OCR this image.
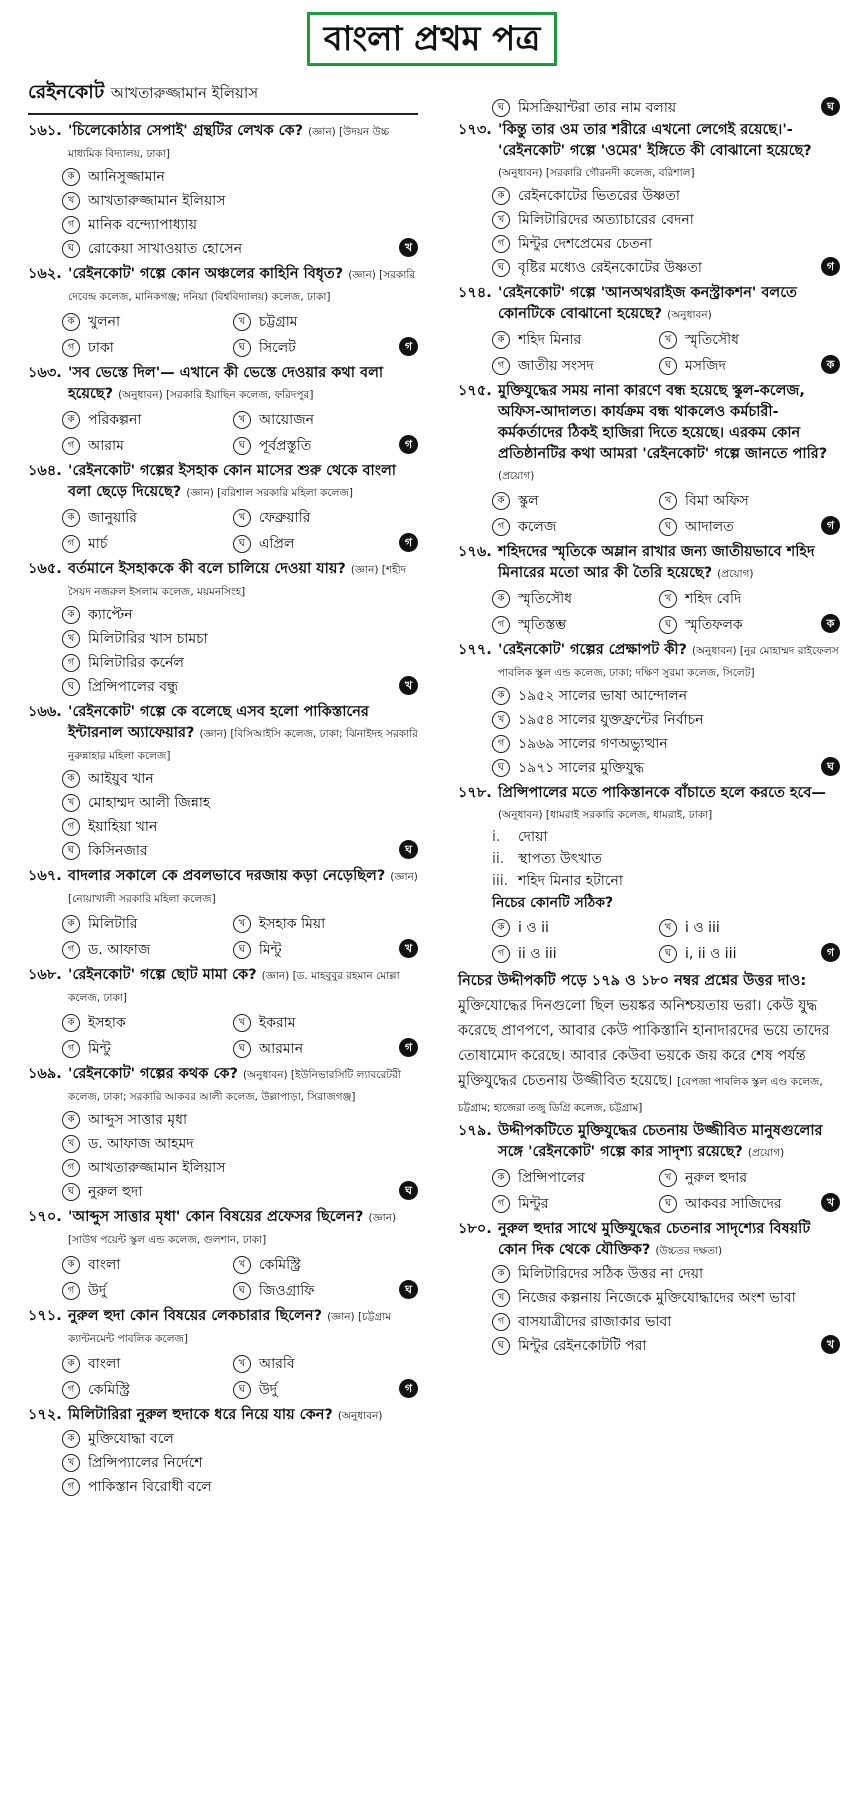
বাংলা প্রথম পত্র
রেইনকোট আখতারুজ্জামান ইলিয়াস
১৬১. 'চিলেকোঠার সেপাই' গ্রন্থটির লেখক কে? (জ্ঞান) [উদয়ন উচ্চ মাধ্যমিক বিদ্যালয়, ঢাকা]
ক আনিসুজ্জামান
খ আখতারুজ্জামান ইলিয়াস
গ মানিক বন্দ্যোপাধ্যায়
ঘ রোকেয়া সাখাওয়াত হোসেন	খ
১৬২. 'রেইনকোট' গল্পে কোন অঞ্চলের কাহিনি বিধৃত? (জ্ঞান) [সরকারি দেবেন্দ্র কলেজ, মানিকগঞ্জ; দনিয়া (বিশ্ববিদ্যালয়) কলেজ, ঢাকা]
ক খুলনা	খ চট্টগ্রাম
গ ঢাকা	ঘ সিলেট	গ
১৬৩. 'সব ভেস্তে দিল'— এখানে কী ভেস্তে দেওয়ার কথা বলা হয়েছে? (অনুধাবন) [সরকারি ইয়াছিন কলেজ, ফরিদপুর]
ক পরিকল্পনা	খ আয়োজন
গ আরাম	ঘ পূর্বপ্রস্তুতি	গ
১৬৪. 'রেইনকোট' গল্পের ইসহাক কোন মাসের শুরু থেকে বাংলা বলা ছেড়ে দিয়েছে? (জ্ঞান) [বরিশাল সরকারি মহিলা কলেজ]
ক জানুয়ারি	খ ফেব্রুয়ারি
গ মার্চ	ঘ এপ্রিল	গ
১৬৫. বর্তমানে ইসহাককে কী বলে চালিয়ে দেওয়া যায়? (জ্ঞান) [শহীদ সৈয়দ নজরুল ইসলাম কলেজ, ময়মনসিংহ]
ক ক্যাপ্টেন
খ মিলিটারির খাস চামচা
গ মিলিটারির কর্নেল
ঘ প্রিন্সিপালের বন্ধু	খ
১৬৬. 'রেইনকোট' গল্পে কে বলেছে এসব হলো পাকিস্তানের ইন্টারনাল অ্যাফেয়ার? (জ্ঞান) [বিসিআইসি কলেজ, ঢাকা; ঝিনাইদহ সরকারি নুরুন্নাহার মহিলা কলেজ]
ক আইয়ুব খান
খ মোহাম্মদ আলী জিন্নাহ
গ ইয়াহিয়া খান
ঘ কিসিনজার	ঘ
১৬৭. বাদলার সকালে কে প্রবলভাবে দরজায় কড়া নেড়েছিল? (জ্ঞান) [নোয়াখালী সরকারি মহিলা কলেজ]
ক মিলিটারি	খ ইসহাক মিয়া
গ ড. আফাজ	ঘ মিন্টু	খ
১৬৮. 'রেইনকোট' গল্পে ছোট মামা কে? (জ্ঞান) [ড. মাহবুবুর রহমান মোল্লা কলেজ, ঢাকা]
ক ইসহাক	খ ইকরাম
গ মিন্টু	ঘ আরমান	গ
১৬৯. 'রেইনকোট' গল্পের কথক কে? (অনুধাবন) [ইউনিভারসিটি ল্যাবরেটরী কলেজ, ঢাকা; সরকারি আকবর আলী কলেজ, উল্লাপাড়া, সিরাজগঞ্জ]
ক আব্দুস সাত্তার মৃধা
খ ড. আফাজ আহমদ
গ আখতারুজ্জামান ইলিয়াস
ঘ নুরুল হুদা	ঘ
১৭০. 'আব্দুস সাত্তার মৃধা' কোন বিষয়ের প্রফেসর ছিলেন? (জ্ঞান) [সাউথ পয়েন্ট স্কুল এন্ড কলেজ, গুলশান, ঢাকা]
ক বাংলা	খ কেমিস্ট্রি
গ উর্দু	ঘ জিওগ্রাফি	ঘ
১৭১. নুরুল হুদা কোন বিষয়ের লেকচারার ছিলেন? (জ্ঞান) [চট্টগ্রাম ক্যান্টনমেন্ট পাবলিক কলেজ]
ক বাংলা	খ আরবি
গ কেমিস্ট্রি	ঘ উর্দু	গ
১৭২. মিলিটারিরা নুরুল হুদাকে ধরে নিয়ে যায় কেন? (অনুধাবন)
ক মুক্তিযোদ্ধা বলে
খ প্রিন্সিপ্যালের নির্দেশে
গ পাকিস্তান বিরোধী বলে
ঘ মিসক্রিয়ান্টরা তার নাম বলায়	ঘ
১৭৩. 'কিন্তু তার ওম তার শরীরে এখনো লেগেই রয়েছে।'- 'রেইনকোট' গল্পে 'ওমের' ইঙ্গিতে কী বোঝানো হয়েছে? (অনুধাবন) [সরকারি গৌরনদী কলেজ, বরিশাল]
ক রেইনকোটের ভিতরের উষ্ণতা
খ মিলিটারিদের অত্যাচারের বেদনা
গ মিন্টুর দেশপ্রেমের চেতনা
ঘ বৃষ্টির মধ্যেও রেইনকোটের উষ্ণতা	গ
১৭৪. 'রেইনকোট' গল্পে 'আনঅথরাইজ কনস্ট্রাকশন' বলতে কোনটিকে বোঝানো হয়েছে? (অনুধাবন)
ক শহিদ মিনার	খ স্মৃতিসৌধ
গ জাতীয় সংসদ	ঘ মসজিদ	ক
১৭৫. মুক্তিযুদ্ধের সময় নানা কারণে বন্ধ হয়েছে স্কুল-কলেজ, অফিস-আদালত। কার্যক্রম বন্ধ থাকলেও কর্মচারী-কর্মকর্তাদের ঠিকই হাজিরা দিতে হয়েছে। এরকম কোন প্রতিষ্ঠানটির কথা আমরা 'রেইনকোট' গল্পে জানতে পারি? (প্রয়োগ)
ক স্কুল	খ বিমা অফিস
গ কলেজ	ঘ আদালত	গ
১৭৬. শহিদদের স্মৃতিকে অম্লান রাখার জন্য জাতীয়ভাবে শহিদ মিনারের মতো আর কী তৈরি হয়েছে? (প্রয়োগ)
ক স্মৃতিসৌধ	খ শহিদ বেদি
গ স্মৃতিস্তম্ভ	ঘ স্মৃতিফলক	ক
১৭৭. 'রেইনকোট' গল্পের প্রেক্ষাপট কী? (অনুধাবন) [নুর মোহাম্মদ রাইফেলস পাবলিক স্কুল এন্ড কলেজ, ঢাকা; দক্ষিণ সুরমা কলেজ, সিলেট]
ক ১৯৫২ সালের ভাষা আন্দোলন
খ ১৯৫৪ সালের যুক্তফ্রন্টের নির্বাচন
গ ১৯৬৯ সালের গণঅভ্যুত্থান
ঘ ১৯৭১ সালের মুক্তিযুদ্ধ	ঘ
১৭৮. প্রিন্সিপালের মতে পাকিস্তানকে বাঁচাতে হলে করতে হবে— (অনুধাবন) [ধামরাই সরকারি কলেজ, ধামরাই, ঢাকা]
i. দোয়া
ii. স্থাপত্য উৎখাত
iii. শহিদ মিনার হটানো
নিচের কোনটি সঠিক?
ক i ও ii	খ i ও iii
গ ii ও iii	ঘ i, ii ও iii	গ
নিচের উদ্দীপকটি পড়ে ১৭৯ ও ১৮০ নম্বর প্রশ্নের উত্তর দাও:
মুক্তিযোদ্ধের দিনগুলো ছিল ভয়ঙ্কর অনিশ্চয়তায় ভরা। কেউ যুদ্ধ করেছে প্রাণপণে, আবার কেউ পাকিস্তানি হানাদারদের ভয়ে তাদের তোষামোদ করেছে। আবার কেউবা ভয়কে জয় করে শেষ পর্যন্ত মুক্তিযুদ্ধের চেতনায় উজ্জীবিত হয়েছে। [বেপজা পাবলিক স্কুল এণ্ড কলেজ, চট্টগ্রাম; হাজেরা তজু ডিগ্রি কলেজ, চট্টগ্রাম]
১৭৯. উদ্দীপকটিতে মুক্তিযুদ্ধের চেতনায় উজ্জীবিত মানুষগুলোর সঙ্গে 'রেইনকোট' গল্পে কার সাদৃশ্য রয়েছে? (প্রয়োগ)
ক প্রিন্সিপালের	খ নুরুল হুদার
গ মিন্টুর	ঘ আকবর সাজিদের	খ
১৮০. নুরুল হুদার সাথে মুক্তিযুদ্ধের চেতনার সাদৃশ্যের বিষয়টি কোন দিক থেকে যৌক্তিক? (উচ্চতর দক্ষতা)
ক মিলিটারিদের সঠিক উত্তর না দেয়া
খ নিজের কল্পনায় নিজেকে মুক্তিযোদ্ধাদের অংশ ভাবা
গ বাসযাত্রীদের রাজাকার ভাবা
ঘ মিন্টুর রেইনকোটটি পরা	খ
